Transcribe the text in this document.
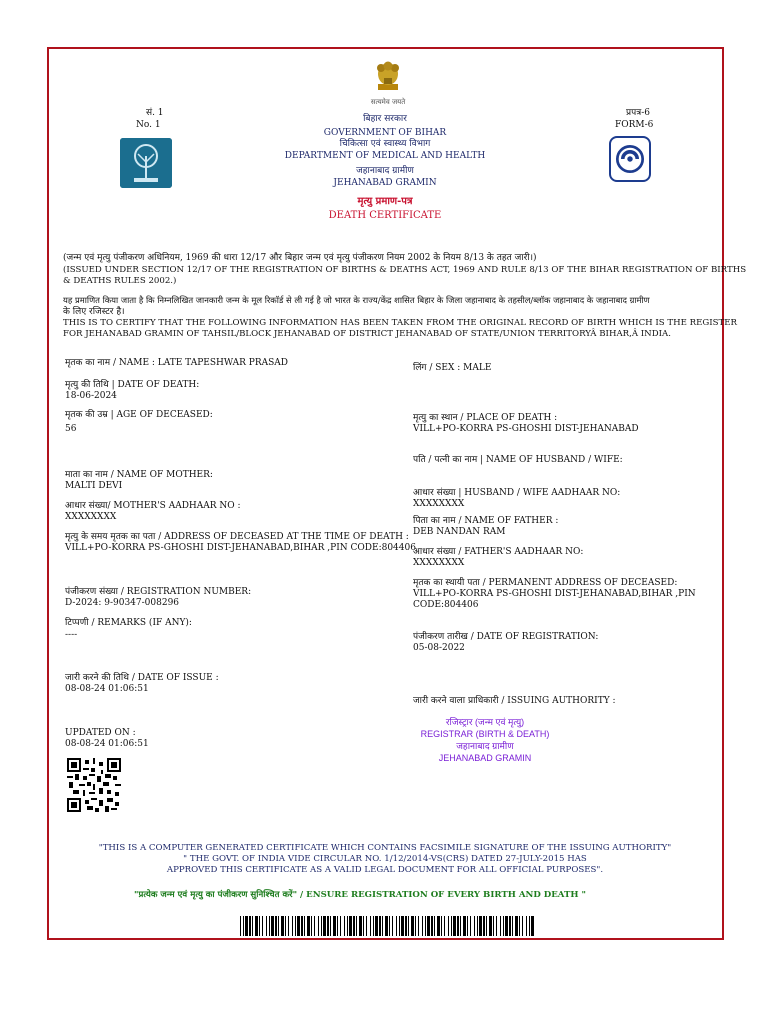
सत्यमेव जयते
सं. 1
No. 1
प्रपत्र-6
FORM-6
बिहार सरकार
GOVERNMENT OF BIHAR
चिकित्सा एवं स्वास्थ्य विभाग
DEPARTMENT OF MEDICAL AND HEALTH
जहानाबाद ग्रामीण
JEHANABAD GRAMIN
मृत्यु प्रमाण-पत्र
DEATH CERTIFICATE
(जन्म एवं मृत्यु पंजीकरण अधिनियम, 1969 की धारा 12/17 और बिहार जन्म एवं मृत्यु पंजीकरण नियम 2002 के नियम 8/13 के तहत जारी।)
(ISSUED UNDER SECTION 12/17 OF THE REGISTRATION OF BIRTHS & DEATHS ACT, 1969 AND RULE 8/13 OF THE BIHAR REGISTRATION OF BIRTHS
& DEATHS RULES 2002.)
यह प्रमाणित किया जाता है कि निम्नलिखित जानकारी जन्म के मूल रिकॉर्ड से ली गई है जो भारत के राज्य/केंद्र शासित बिहार के जिला जहानाबाद के तहसील/ब्लॉक जहानाबाद के जहानाबाद ग्रामीण
के लिए रजिस्टर है।
THIS IS TO CERTIFY THAT THE FOLLOWING INFORMATION HAS BEEN TAKEN FROM THE ORIGINAL RECORD OF BIRTH WHICH IS THE REGISTER
FOR JEHANABAD GRAMIN OF TAHSIL/BLOCK JEHANABAD OF DISTRICT JEHANABAD OF STATE/UNION TERRITORYÂ BIHAR,Â INDIA.
मृतक का नाम / NAME : LATE TAPESHWAR PRASAD
मृत्यु की तिथि | DATE OF DEATH:
18-06-2024
मृतक की उम्र | AGE OF DECEASED:
56
माता का नाम / NAME OF MOTHER:
MALTI DEVI
आधार संख्या/ MOTHER'S AADHAAR NO :
XXXXXXXX
मृत्यु के समय मृतक का पता / ADDRESS OF DECEASED AT THE TIME OF DEATH :
VILL+PO-KORRA PS-GHOSHI DIST-JEHANABAD,BIHAR ,PIN CODE:804406
पंजीकरण संख्या / REGISTRATION NUMBER:
D-2024: 9-90347-008296
टिप्पणी / REMARKS (IF ANY):
----
जारी करने की तिथि / DATE OF ISSUE :
08-08-24 01:06:51
UPDATED ON :
08-08-24 01:06:51
लिंग / SEX : MALE
मृत्यु का स्थान / PLACE OF DEATH :
VILL+PO-KORRA PS-GHOSHI DIST-JEHANABAD
पति / पत्नी का नाम | NAME OF HUSBAND / WIFE:
आधार संख्या | HUSBAND / WIFE AADHAAR NO:
XXXXXXXX
पिता का नाम / NAME OF FATHER :
DEB NANDAN RAM
आधार संख्या / FATHER'S AADHAAR NO:
XXXXXXXX
मृतक का स्थायी पता / PERMANENT ADDRESS OF DECEASED:
VILL+PO-KORRA PS-GHOSHI DIST-JEHANABAD,BIHAR ,PIN
CODE:804406
पंजीकरण तारीख / DATE OF REGISTRATION:
05-08-2022
जारी करने वाला प्राधिकारी / ISSUING AUTHORITY :
रजिस्ट्रार (जन्म एवं मृत्यु)
REGISTRAR (BIRTH & DEATH)
जहानाबाद ग्रामीण
JEHANABAD GRAMIN
"THIS IS A COMPUTER GENERATED CERTIFICATE WHICH CONTAINS FACSIMILE SIGNATURE OF THE ISSUING AUTHORITY"
" THE GOVT. OF INDIA VIDE CIRCULAR NO. 1/12/2014-VS(CRS) DATED 27-JULY-2015 HAS
APPROVED THIS CERTIFICATE AS A VALID LEGAL DOCUMENT FOR ALL OFFICIAL PURPOSES".
"प्रत्येक जन्म एवं मृत्यु का पंजीकरण सुनिश्चित करें" / ENSURE REGISTRATION OF EVERY BIRTH AND DEATH "
